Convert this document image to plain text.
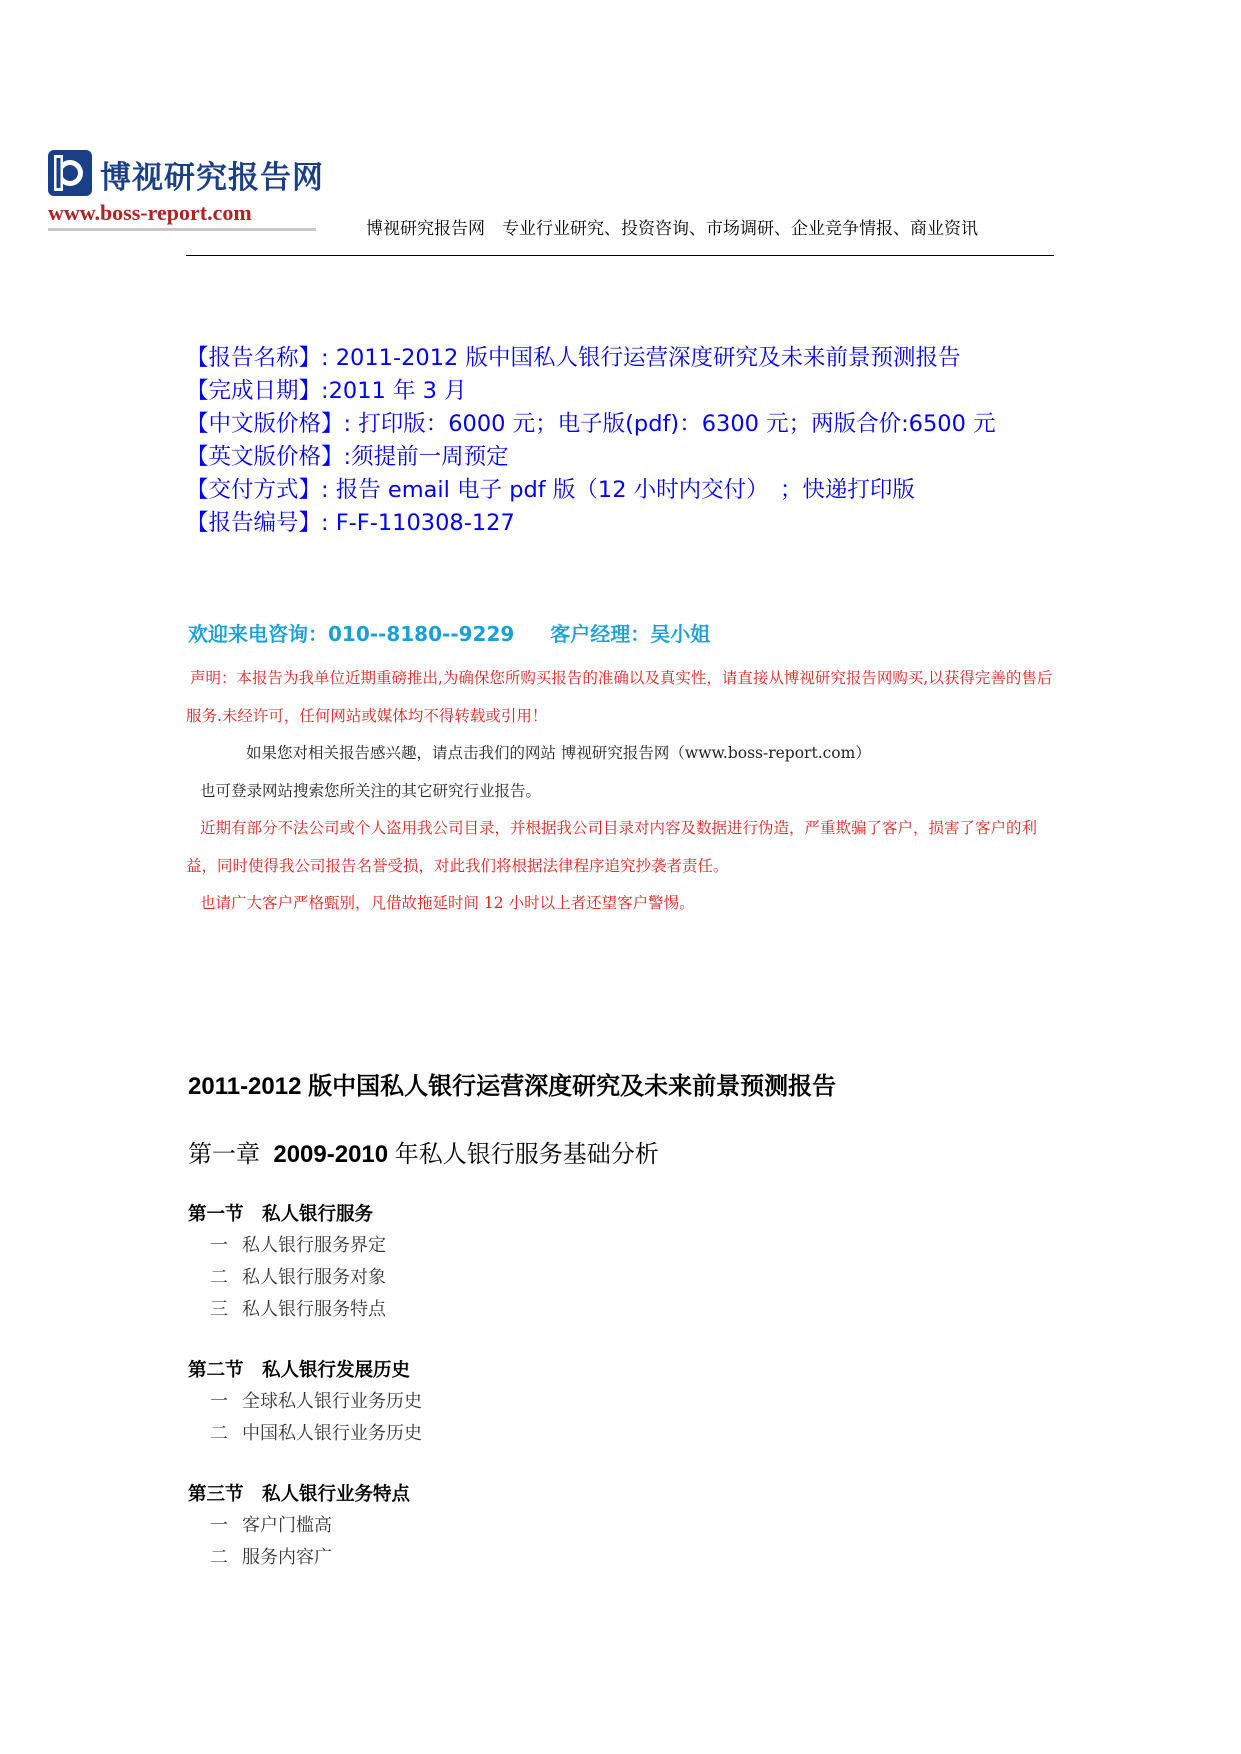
博视研究报告网
www.boss-report.com
博视研究报告网　专业行业研究、投资咨询、市场调研、企业竞争情报、商业资讯
【报告名称】: 2011-2012 版中国私人银行运营深度研究及未来前景预测报告
【完成日期】:2011 年 3 月
【中文版价格】: 打印版：6000 元；电子版(pdf)：6300 元；两版合价:6500 元
【英文版价格】:须提前一周预定
【交付方式】: 报告 email 电子 pdf 版（12 小时内交付）　；快递打印版
【报告编号】: F-F-110308-127
欢迎来电咨询：010--8180--9229 客户经理：吴小姐

声明：本报告为我单位近期重磅推出,为确保您所购买报告的准确以及真实性，请直接从博视研究报告网购买,以获得完善的售后服务.未经许可，任何网站或媒体均不得转载或引用！

如果您对相关报告感兴趣，请点击我们的网站 博视研究报告网（www.boss-report.com）

也可登录网站搜索您所关注的其它研究行业报告。

近期有部分不法公司或个人盗用我公司目录，并根据我公司目录对内容及数据进行伪造，严重欺骗了客户，损害了客户的利益，同时使得我公司报告名誉受损，对此我们将根据法律程序追究抄袭者责任。

也请广大客户严格甄别，凡借故拖延时间 12 小时以上者还望客户警惕。

2011-2012 版中国私人银行运营深度研究及未来前景预测报告
第一章 2009-2010 年私人银行服务基础分析
第一节　私人银行服务
一 私人银行服务界定
二 私人银行服务对象
三 私人银行服务特点
第二节　私人银行发展历史
一 全球私人银行业务历史
二 中国私人银行业务历史
第三节　私人银行业务特点
一 客户门槛高
二 服务内容广
